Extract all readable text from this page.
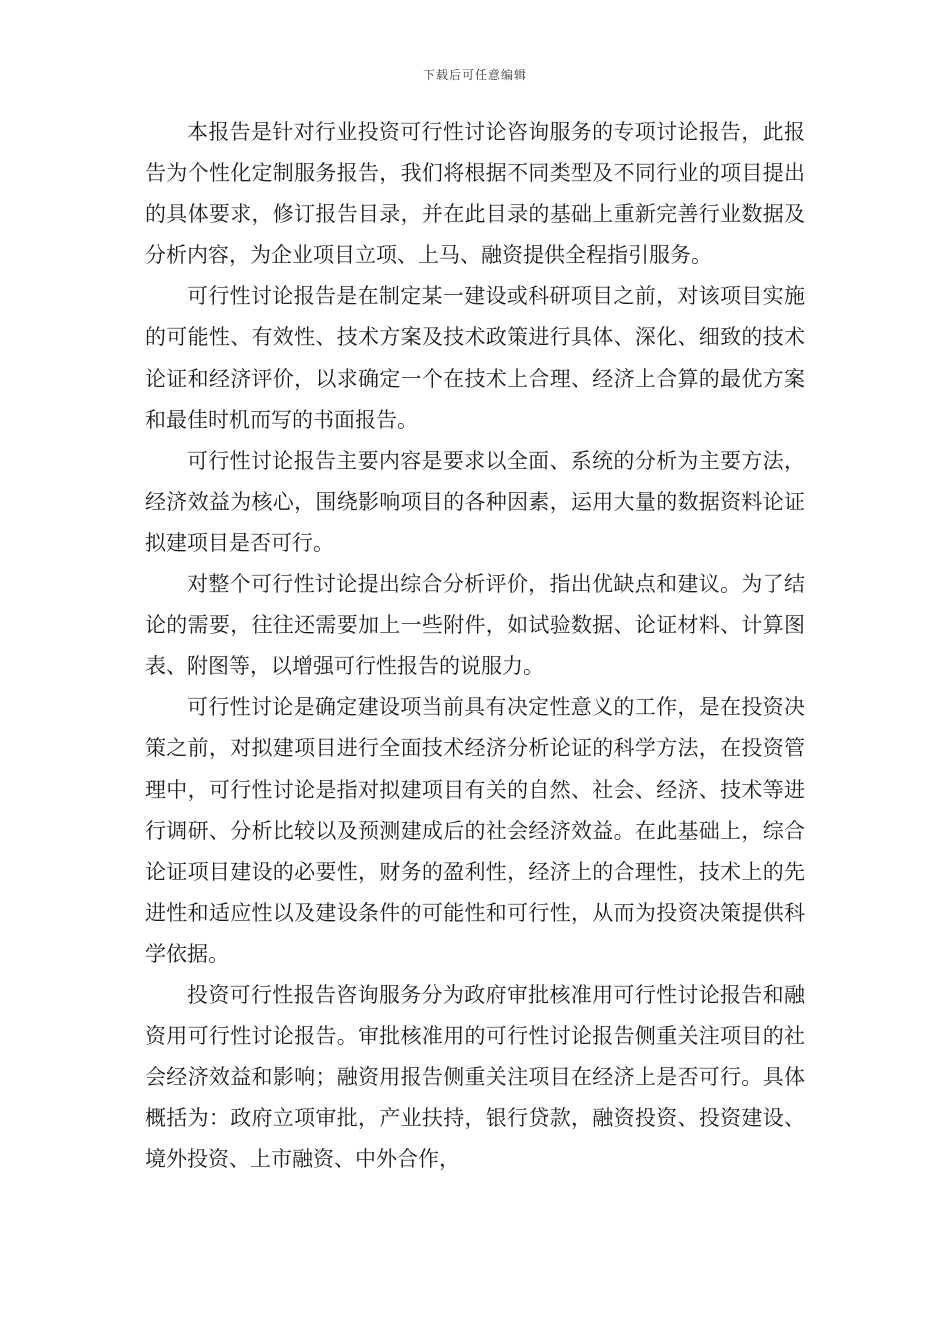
下载后可任意编辑

本报告是针对行业投资可行性讨论咨询服务的专项讨论报告，此报告为个性化定制服务报告，我们将根据不同类型及不同行业的项目提出的具体要求，修订报告目录，并在此目录的基础上重新完善行业数据及分析内容，为企业项目立项、上马、融资提供全程指引服务。

可行性讨论报告是在制定某一建设或科研项目之前，对该项目实施的可能性、有效性、技术方案及技术政策进行具体、深化、细致的技术论证和经济评价，以求确定一个在技术上合理、经济上合算的最优方案和最佳时机而写的书面报告。

可行性讨论报告主要内容是要求以全面、系统的分析为主要方法，经济效益为核心，围绕影响项目的各种因素，运用大量的数据资料论证拟建项目是否可行。

对整个可行性讨论提出综合分析评价，指出优缺点和建议。为了结论的需要，往往还需要加上一些附件，如试验数据、论证材料、计算图表、附图等，以增强可行性报告的说服力。

可行性讨论是确定建设项当前具有决定性意义的工作，是在投资决策之前，对拟建项目进行全面技术经济分析论证的科学方法，在投资管理中，可行性讨论是指对拟建项目有关的自然、社会、经济、技术等进行调研、分析比较以及预测建成后的社会经济效益。在此基础上，综合论证项目建设的必要性，财务的盈利性，经济上的合理性，技术上的先进性和适应性以及建设条件的可能性和可行性，从而为投资决策提供科学依据。

投资可行性报告咨询服务分为政府审批核准用可行性讨论报告和融资用可行性讨论报告。审批核准用的可行性讨论报告侧重关注项目的社会经济效益和影响；融资用报告侧重关注项目在经济上是否可行。具体概括为：政府立项审批，产业扶持，银行贷款，融资投资、投资建设、境外投资、上市融资、中外合作，
